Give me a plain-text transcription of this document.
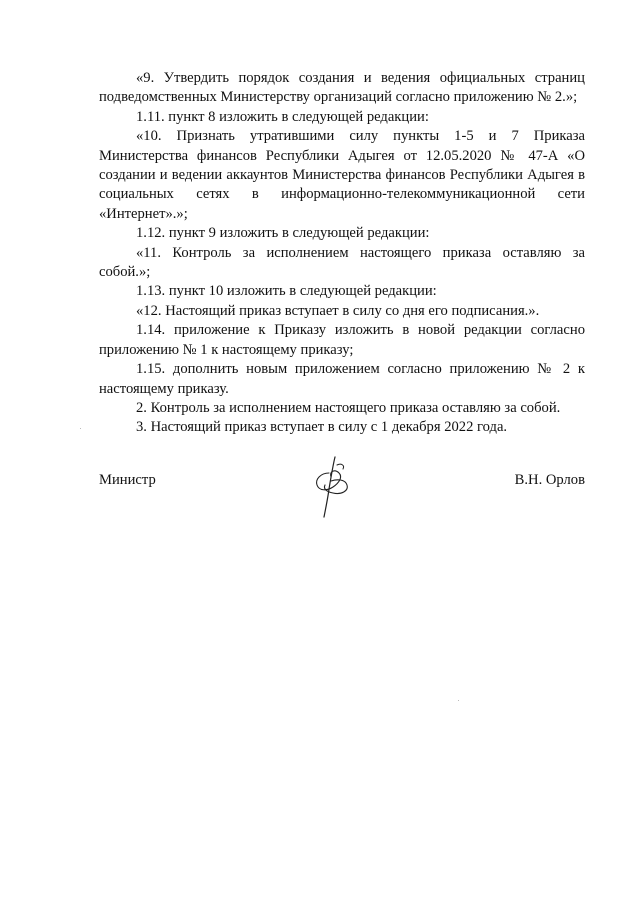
«9. Утвердить порядок создания и ведения официальных страниц подведомственных Министерству организаций согласно приложению № 2.»;

1.11. пункт 8 изложить в следующей редакции:

«10. Признать утратившими силу пункты 1-5 и 7 Приказа Министерства финансов Республики Адыгея от 12.05.2020 № 47-А «О создании и ведении аккаунтов Министерства финансов Республики Адыгея в социальных сетях в информационно-телекоммуникационной сети «Интернет».»;

1.12. пункт 9 изложить в следующей редакции:

«11. Контроль за исполнением настоящего приказа оставляю за собой.»;

1.13. пункт 10 изложить в следующей редакции:

«12. Настоящий приказ вступает в силу со дня его подписания.».

1.14. приложение к Приказу изложить в новой редакции согласно приложению № 1 к настоящему приказу;

1.15. дополнить новым приложением согласно приложению № 2 к настоящему приказу.

2. Контроль за исполнением настоящего приказа оставляю за собой.

3. Настоящий приказ вступает в силу с 1 декабря 2022 года.

Министр	В.Н. Орлов
